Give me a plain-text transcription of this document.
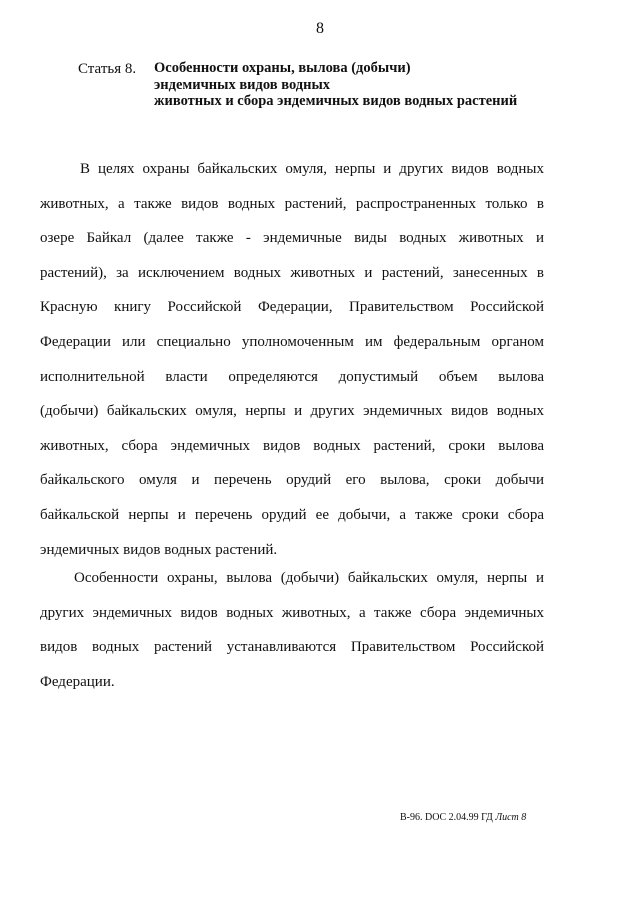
8
Статья 8.	Особенности охраны, вылова (добычи)
эндемичных видов водных
животных и сбора эндемичных видов водных растений
В целях охраны байкальских омуля, нерпы и других видов водных
животных, а также видов водных растений, распространенных только в
озере Байкал (далее также - эндемичные виды водных животных и
растений), за исключением водных животных и растений, занесенных в
Красную книгу Российской Федерации, Правительством Российской
Федерации или специально уполномоченным им федеральным органом
исполнительной власти определяются допустимый объем вылова
(добычи) байкальских омуля, нерпы и других эндемичных видов водных
животных, сбора эндемичных видов водных растений, сроки вылова
байкальского омуля и перечень орудий его вылова, сроки добычи
байкальской нерпы и перечень орудий ее добычи, а также сроки сбора
эндемичных видов водных растений.
Особенности охраны, вылова (добычи) байкальских омуля, нерпы и
других эндемичных видов водных животных, а также сбора эндемичных
видов водных растений устанавливаются Правительством Российской
Федерации.
B-96. DOC 2.04.99 ГД Лист 8
